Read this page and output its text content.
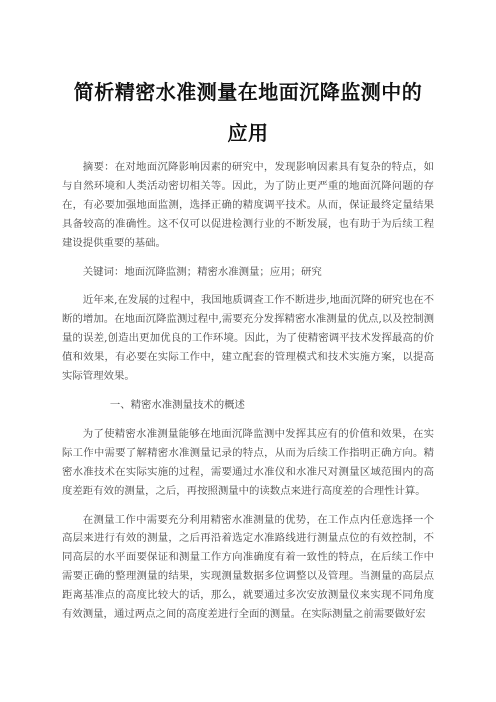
简析精密水准测量在地面沉降监测中的
应用

摘要：在对地面沉降影响因素的研究中，发现影响因素具有复杂的特点，如与自然环境和人类活动密切相关等。因此，为了防止更严重的地面沉降问题的存在，有必要加强地面监测，选择正确的精度调平技术。从而，保证最终定量结果具备较高的准确性。这不仅可以促进检测行业的不断发展，也有助于为后续工程建设提供重要的基础。

关键词：地面沉降监测；精密水准测量；应用；研究

近年来,在发展的过程中，我国地质调查工作不断进步,地面沉降的研究也在不断的增加。在地面沉降监测过程中,需要充分发挥精密水准测量的优点,以及控制测量的误差,创造出更加优良的工作环境。因此，为了使精密调平技术发挥最高的价值和效果，有必要在实际工作中，建立配套的管理模式和技术实施方案，以提高实际管理效果。

一、精密水准测量技术的概述

为了使精密水准测量能够在地面沉降监测中发挥其应有的价值和效果，在实际工作中需要了解精密水准测量记录的特点，从而为后续工作指明正确方向。精密水准技术在实际实施的过程，需要通过水准仪和水准尺对测量区域范围内的高度差距有效的测量，之后，再按照测量中的读数点来进行高度差的合理性计算。

在测量工作中需要充分利用精密水准测量的优势，在工作点内任意选择一个高层来进行有效的测量，之后再沿着选定水准路线进行测量点位的有效控制，不同高层的水平面要保证和测量工作方向准确度有着一致性的特点，在后续工作中需要正确的整理测量的结果，实现测量数据多位调整以及管理。当测量的高层点距离基准点的高度比较大的话，那么，就要通过多次安放测量仪来实现不同角度有效测量，通过两点之间的高度差进行全面的测量。在实际测量之前需要做好宏
